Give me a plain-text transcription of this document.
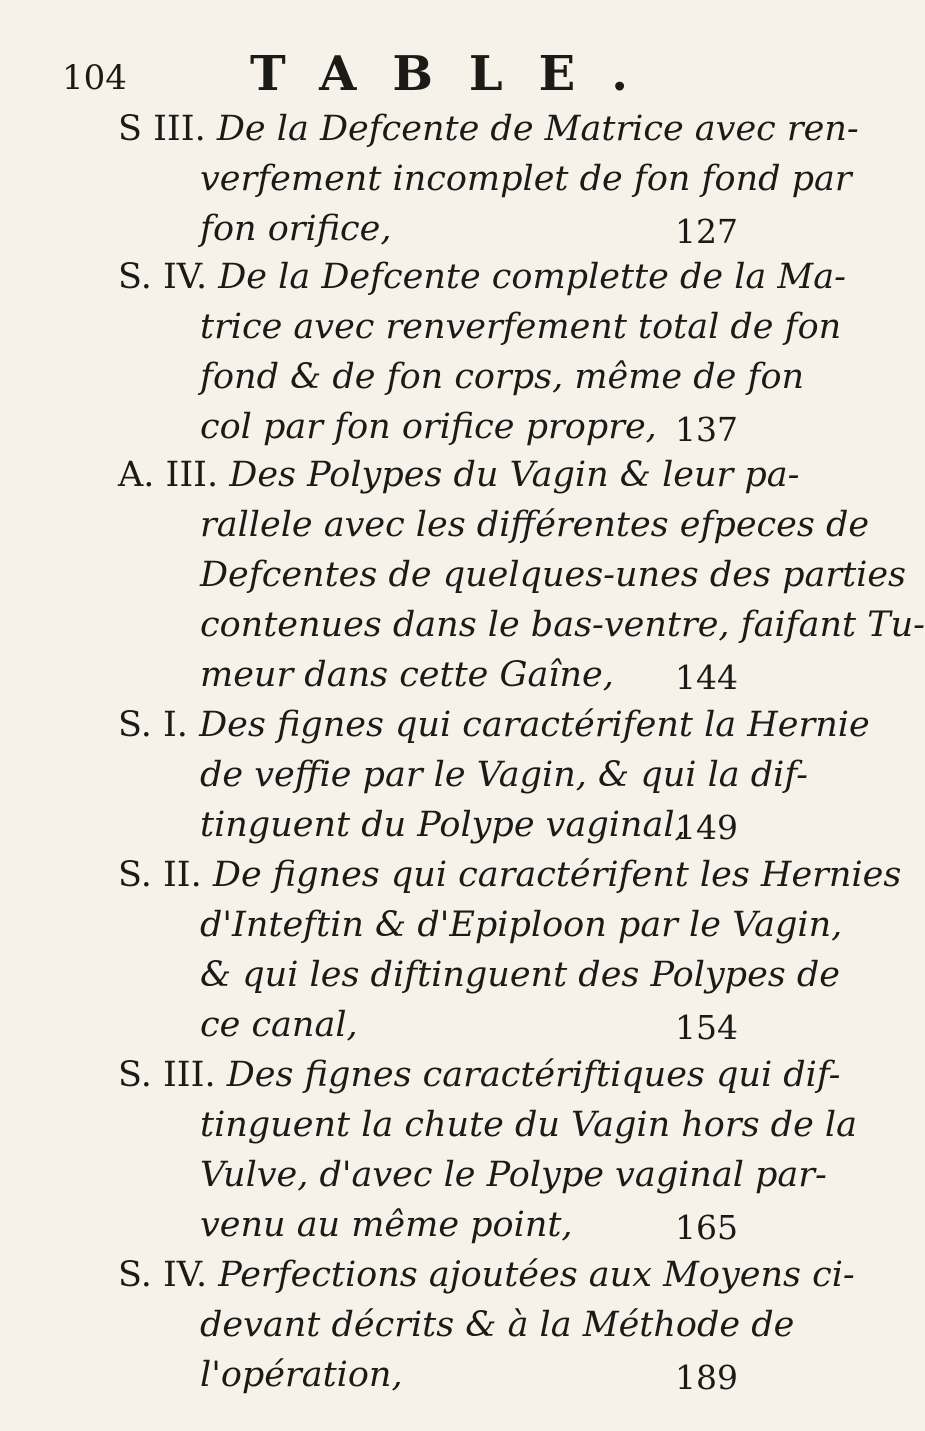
104	TABLE.
S III. De la Defcente de Matrice avec ren-
verfement incomplet de fon fond par
fon orifice,	127
S. IV. De la Defcente complette de la Ma-
trice avec renverfement total de fon
fond & de fon corps, même de fon
col par fon orifice propre, 137
A. III. Des Polypes du Vagin & leur pa-
rallele avec les différentes efpeces de
Defcentes de quelques-unes des parties
contenues dans le bas-ventre, faifant Tu-
meur dans cette Gaîne, 144
S. I. Des fignes qui caractérifent la Hernie
de veffie par le Vagin, & qui la dif-
tinguent du Polype vaginal,
149
S. II. De fignes qui caractérifent les Hernies
d'Inteftin & d'Epiploon par le Vagin,
& qui les diftinguent des Polypes de
ce canal,	154
S. III. Des fignes caractériftiques qui dif-
tinguent la chute du Vagin hors de la
Vulve, d'avec le Polype vaginal par-
venu au même point,	165
S. IV. Perfections ajoutées aux Moyens ci-
devant décrits & à la Méthode de
l'opération,	189
